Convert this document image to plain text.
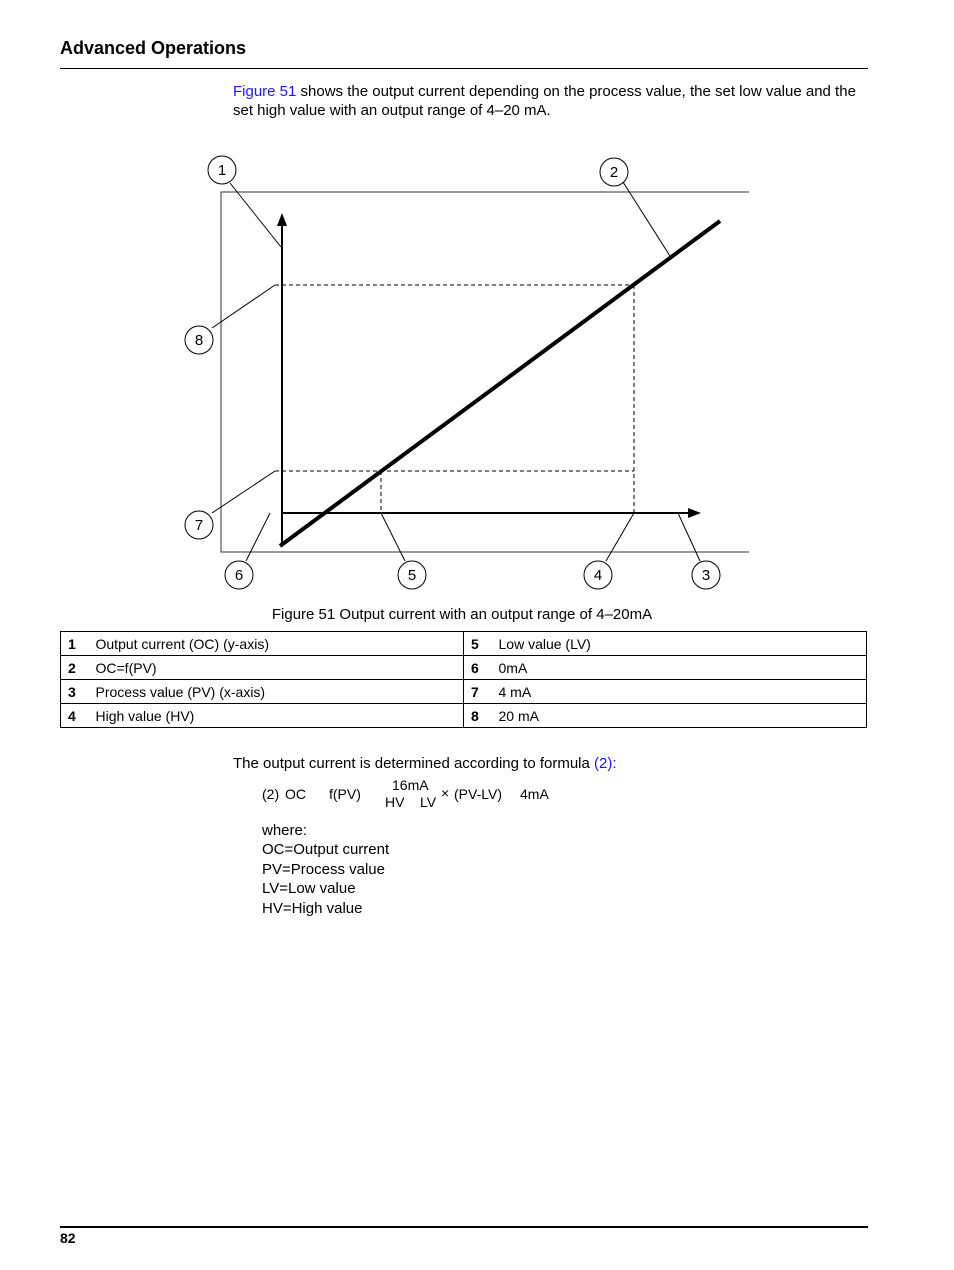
Advanced Operations
Figure 51 shows the output current depending on the process value, the set low value and the set high value with an output range of 4–20 mA.
1	2
3
4
5
6
7
8
Figure 51 Output current with an output range of 4–20mA
1	Output current (OC) (y-axis)	5	Low value (LV)
2	OC=f(PV)	6	0mA
3	Process value (PV) (x-axis)	7	4 mA
4	High value (HV)	8	20 mA
The output current is determined according to formula (2):
(2) OC f(PV)
16mA
HV LV
× (PV-LV) 4mA
where:
OC=Output current
PV=Process value
LV=Low value
HV=High value
82
